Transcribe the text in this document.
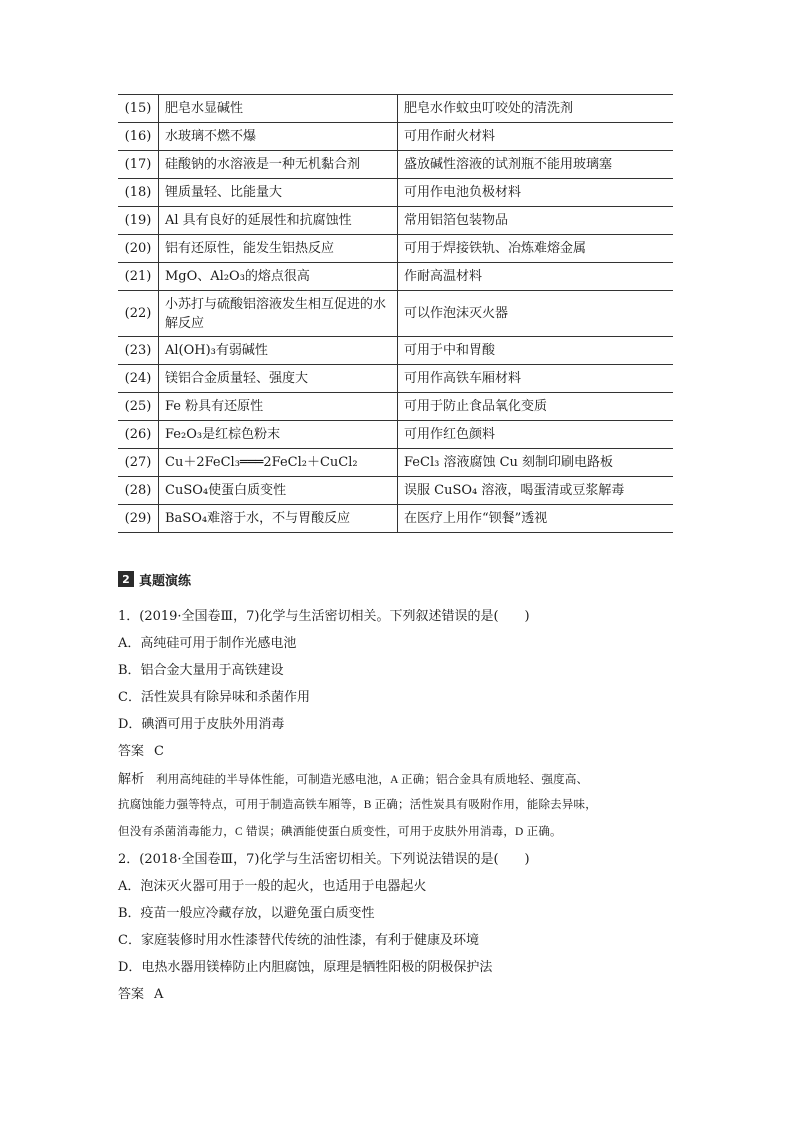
(15)	肥皂水显碱性	肥皂水作蚊虫叮咬处的清洗剂
(16)	水玻璃不燃不爆	可用作耐火材料
(17)	硅酸钠的水溶液是一种无机黏合剂	盛放碱性溶液的试剂瓶不能用玻璃塞
(18)	锂质量轻、比能量大	可用作电池负极材料
(19)	Al 具有良好的延展性和抗腐蚀性	常用铝箔包装物品
(20)	铝有还原性，能发生铝热反应	可用于焊接铁轨、冶炼难熔金属
(21)	MgO、Al₂O₃的熔点很高	作耐高温材料
(22)	小苏打与硫酸铝溶液发生相互促进的水解反应	可以作泡沫灭火器
(23)	Al(OH)₃有弱碱性	可用于中和胃酸
(24)	镁铝合金质量轻、强度大	可用作高铁车厢材料
(25)	Fe 粉具有还原性	可用于防止食品氧化变质
(26)	Fe₂O₃是红棕色粉末	可用作红色颜料
(27)	Cu＋2FeCl₃═══2FeCl₂＋CuCl₂	FeCl₃ 溶液腐蚀 Cu 刻制印刷电路板
(28)	CuSO₄使蛋白质变性	误服 CuSO₄ 溶液，喝蛋清或豆浆解毒
(29)	BaSO₄难溶于水，不与胃酸反应	在医疗上用作“钡餐”透视
2 真题演练
1．(2019·全国卷Ⅲ，7)化学与生活密切相关。下列叙述错误的是(　　)
A．高纯硅可用于制作光感电池
B．铝合金大量用于高铁建设
C．活性炭具有除异味和杀菌作用
D．碘酒可用于皮肤外用消毒
答案 C
解析　利用高纯硅的半导体性能，可制造光感电池，A 正确；铝合金具有质地轻、强度高、
抗腐蚀能力强等特点，可用于制造高铁车厢等，B 正确；活性炭具有吸附作用，能除去异味，
但没有杀菌消毒能力，C 错误；碘酒能使蛋白质变性，可用于皮肤外用消毒，D 正确。
2．(2018·全国卷Ⅲ，7)化学与生活密切相关。下列说法错误的是(　　)
A．泡沫灭火器可用于一般的起火，也适用于电器起火
B．疫苗一般应冷藏存放，以避免蛋白质变性
C．家庭装修时用水性漆替代传统的油性漆，有利于健康及环境
D．电热水器用镁棒防止内胆腐蚀，原理是牺牲阳极的阴极保护法
答案 A
